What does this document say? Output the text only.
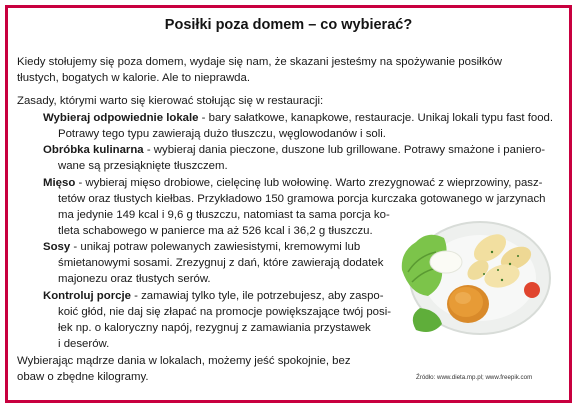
Posiłki poza domem – co wybierać?
Kiedy stołujemy się poza domem, wydaje się nam, że skazani jesteśmy na spożywanie posiłków
tłustych, bogatych w kalorie. Ale to nieprawda.
Zasady, którymi warto się kierować stołując się w restauracji:
Wybieraj odpowiednie lokale - bary sałatkowe, kanapkowe, restauracje. Unikaj lokali typu fast food.
Potrawy tego typu zawierają dużo tłuszczu, węglowodanów i soli.
Obróbka kulinarna - wybieraj dania pieczone, duszone lub grillowane. Potrawy smażone i paniero-
wane są przesiąknięte tłuszczem.
Mięso - wybieraj mięso drobiowe, cielęcinę lub wołowinę. Warto zrezygnować z wieprzowiny, pasz-
tetów oraz tłustych kiełbas. Przykładowo 150 gramowa porcja kurczaka gotowanego w jarzynach
ma jedynie 149 kcal i 9,6 g tłuszczu, natomiast ta sama porcja ko-
tleta schabowego w panierce ma aż 526 kcal i 36,2 g tłuszczu.
Sosy - unikaj potraw polewanych zawiesistymi, kremowymi lub
śmietanowymi sosami. Zrezygnuj z dań, które zawierają dodatek
majonezu oraz tłustych serów.
Kontroluj porcje - zamawiaj tylko tyle, ile potrzebujesz, aby zaspo-
koić głód, nie daj się złapać na promocje powiększające twój posi-
łek np. o kaloryczny napój, rezygnuj z zamawiania przystawek
i deserów.
Wybierając mądrze dania w lokalach, możemy jeść spokojnie, bez
obaw o zbędne kilogramy.	Źródło: www.dieta.mp.pl; www.freepik.com
